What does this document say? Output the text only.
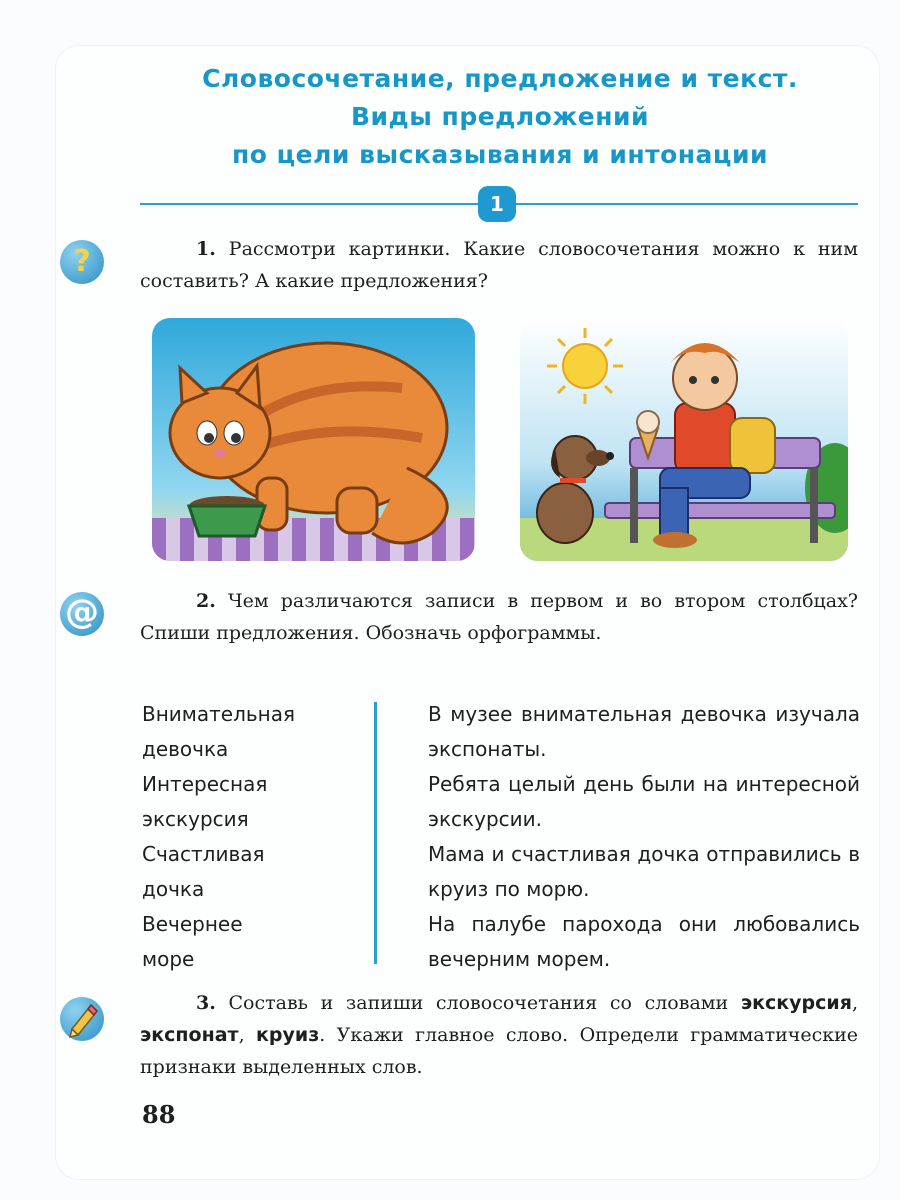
Словосочетание, предложение и текст.
Виды предложений
по цели высказывания и интонации
1
?	1. Рассмотри картинки. Какие словосочетания можно к ним составить? А какие предложения?
@	2. Чем различаются записи в первом и во втором столбцах? Спиши предложения. Обозначь орфограммы.
Внимательная
девочка
Интересная
экскурсия
Счастливая
дочка
Вечернее
море
В музее внимательная девочка изучала экспонаты.
Ребята целый день были на интересной экскурсии.
Мама и счастливая дочка отправились в круиз по морю.
На палубе парохода они любовались вечерним морем.
3. Составь и запиши словосочетания со словами экскурсия, экспонат, круиз. Укажи главное слово. Определи грамматические признаки выделенных слов.
88
